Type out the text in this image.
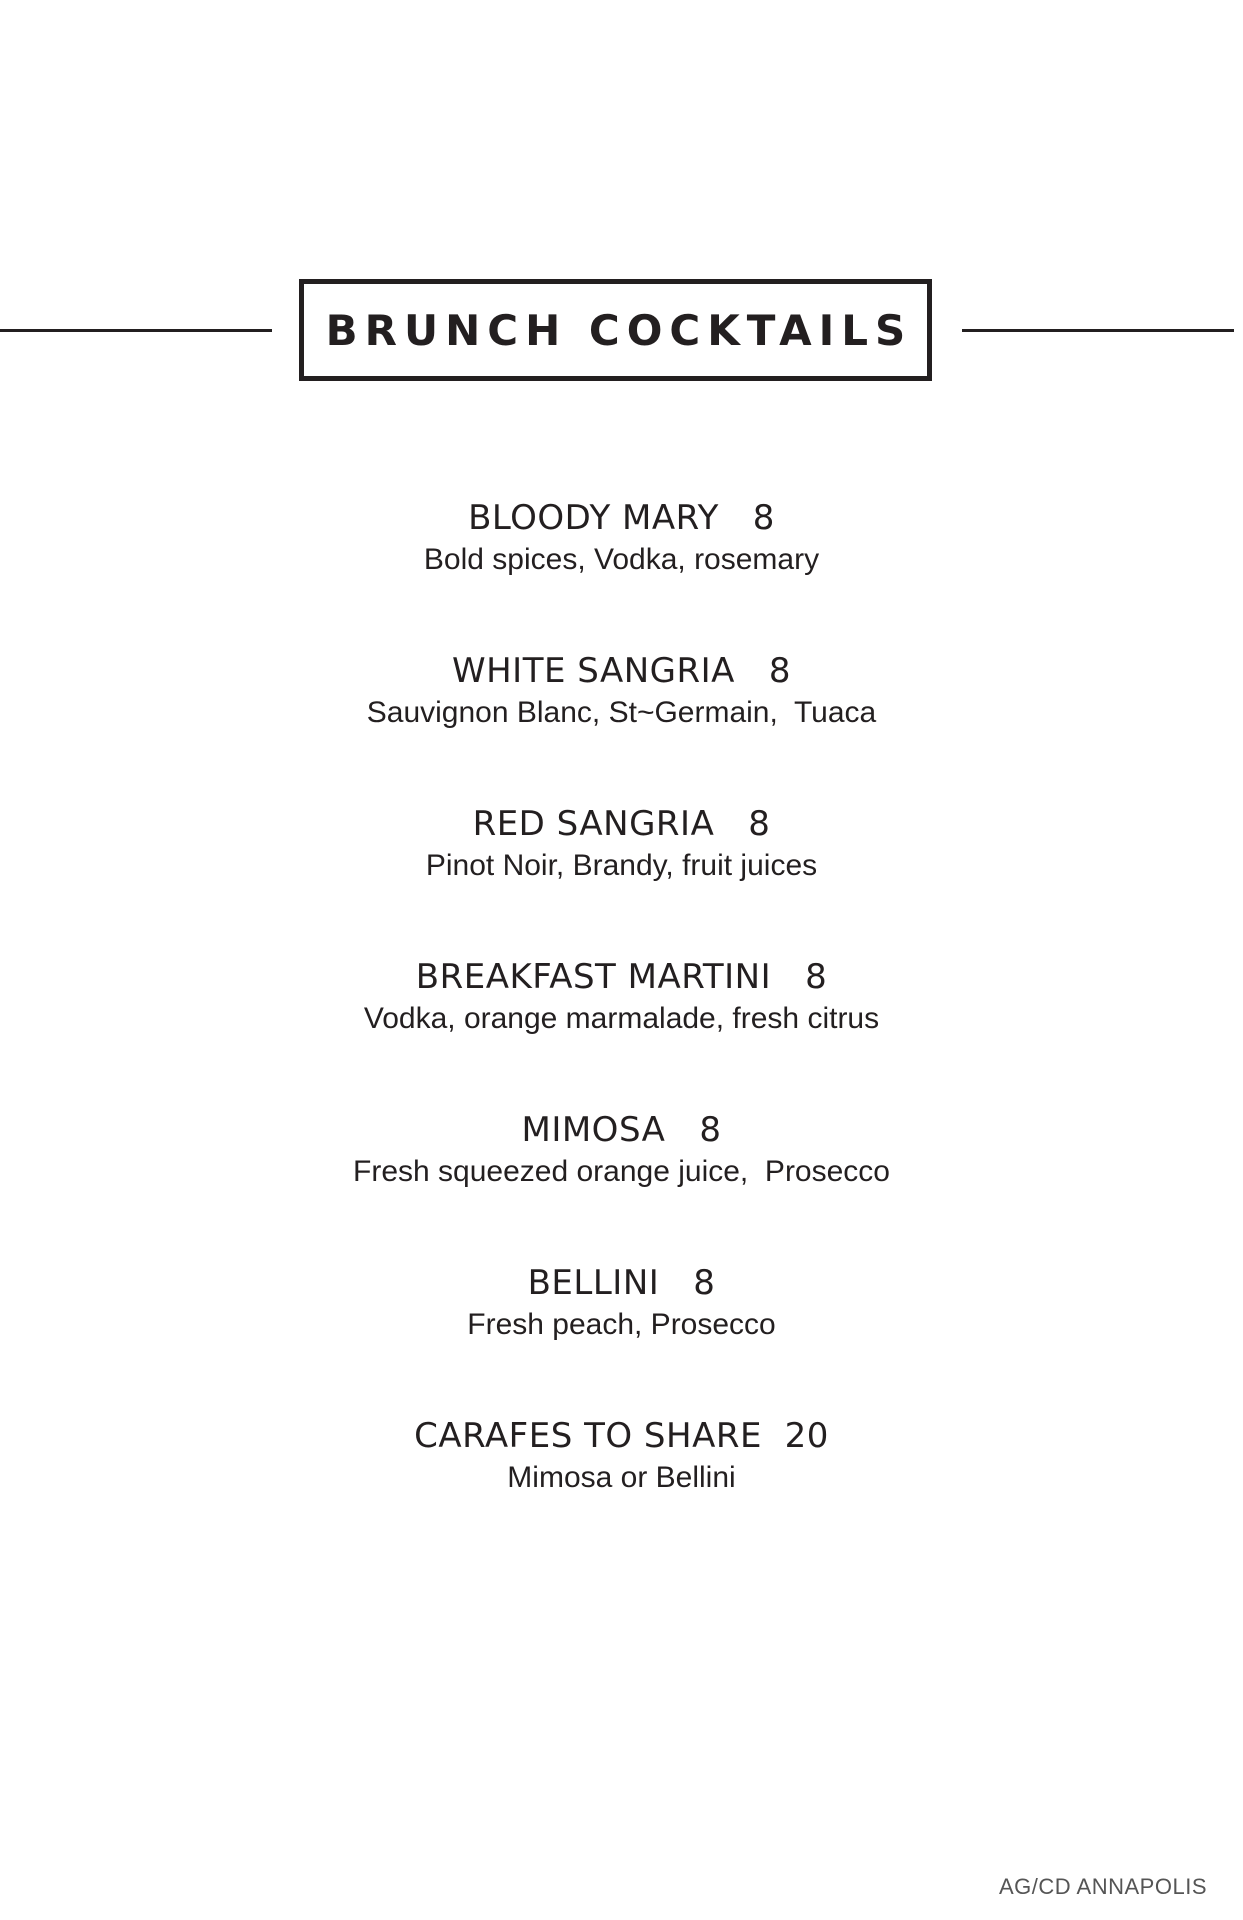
BRUNCH COCKTAILS
BLOODY MARY 8
Bold spices, Vodka, rosemary
WHITE SANGRIA 8
Sauvignon Blanc, St~Germain,  Tuaca
RED SANGRIA 8
Pinot Noir, Brandy, fruit juices
BREAKFAST MARTINI 8
Vodka, orange marmalade, fresh citrus
MIMOSA 8
Fresh squeezed orange juice,  Prosecco
BELLINI 8
Fresh peach, Prosecco
CARAFES TO SHARE 20
Mimosa or Bellini
AG/CD ANNAPOLIS
